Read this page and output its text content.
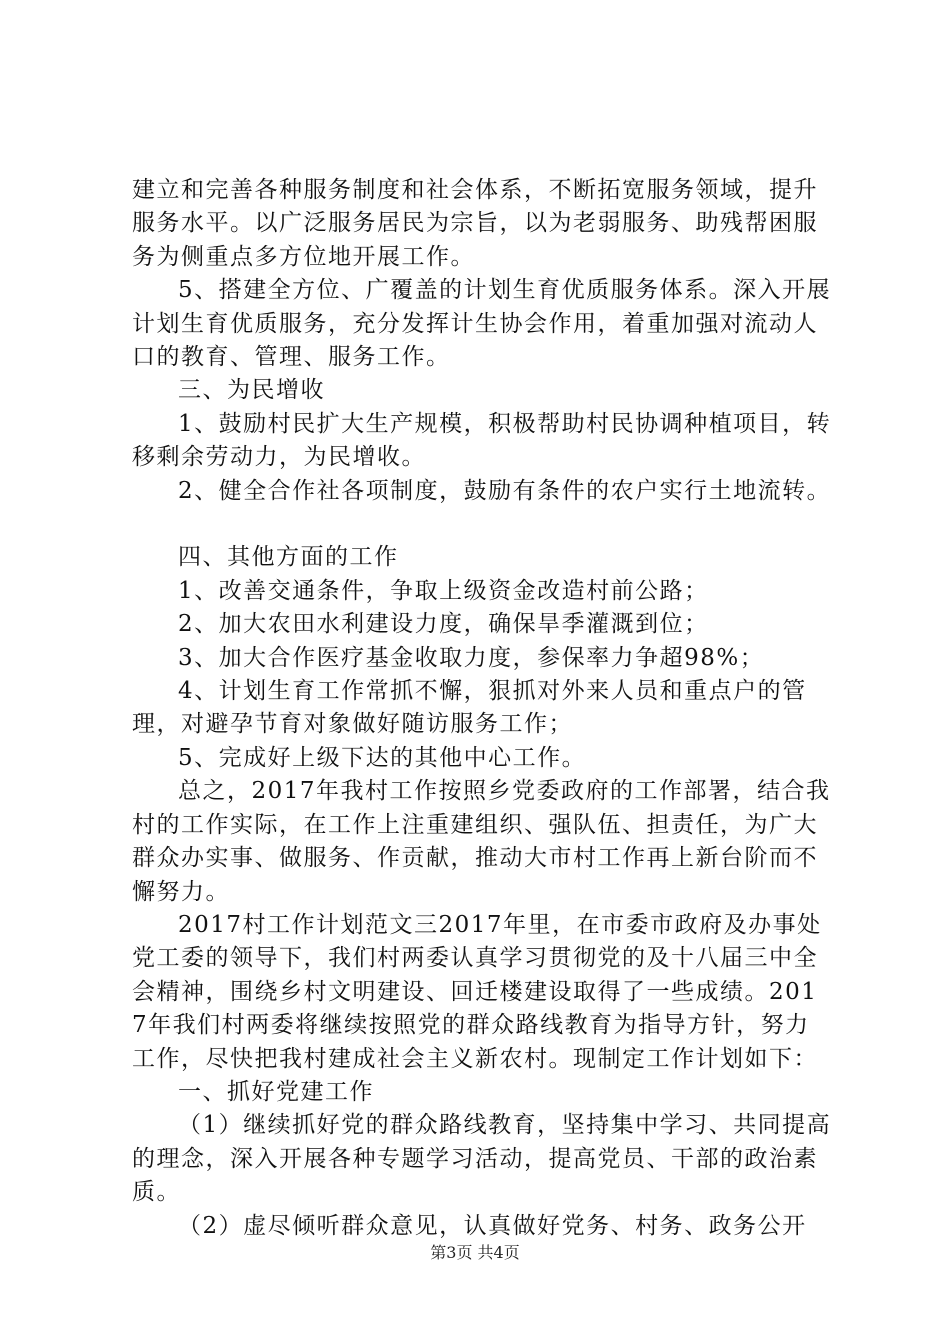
建立和完善各种服务制度和社会体系，不断拓宽服务领域，提升服务水平。以广泛服务居民为宗旨，以为老弱服务、助残帮困服务为侧重点多方位地开展工作。

5、搭建全方位、广覆盖的计划生育优质服务体系。深入开展计划生育优质服务，充分发挥计生协会作用，着重加强对流动人口的教育、管理、服务工作。

三、为民增收

1、鼓励村民扩大生产规模，积极帮助村民协调种植项目，转移剩余劳动力，为民增收。

2、健全合作社各项制度，鼓励有条件的农户实行土地流转。

四、其他方面的工作

1、改善交通条件，争取上级资金改造村前公路；

2、加大农田水利建设力度，确保旱季灌溉到位；

3、加大合作医疗基金收取力度，参保率力争超98%；

4、计划生育工作常抓不懈，狠抓对外来人员和重点户的管理，对避孕节育对象做好随访服务工作；

5、完成好上级下达的其他中心工作。

总之，2017年我村工作按照乡党委政府的工作部署，结合我村的工作实际，在工作上注重建组织、强队伍、担责任，为广大群众办实事、做服务、作贡献，推动大市村工作再上新台阶而不懈努力。

2017村工作计划范文三2017年里，在市委市政府及办事处党工委的领导下，我们村两委认真学习贯彻党的及十八届三中全会精神，围绕乡村文明建设、回迁楼建设取得了一些成绩。2017年我们村两委将继续按照党的群众路线教育为指导方针，努力工作，尽快把我村建成社会主义新农村。现制定工作计划如下：

一、抓好党建工作

（1）继续抓好党的群众路线教育，坚持集中学习、共同提高的理念，深入开展各种专题学习活动，提高党员、干部的政治素质。

（2）虚尽倾听群众意见，认真做好党务、村务、政务公开

第3页 共4页
